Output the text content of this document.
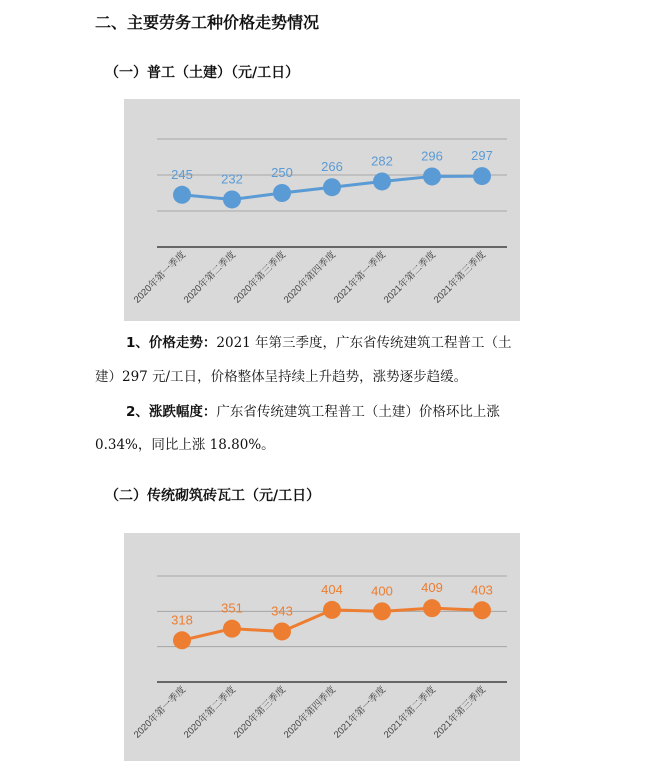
二、主要劳务工种价格走势情况
（一）普工（土建）（元/工日）
245 232 250 266 282 296 297
2020年第一季度
2020年第二季度
2020年第三季度
2020年第四季度
2021年第一季度
2021年第二季度
2021年第三季度
1、价格走势：2021 年第三季度，广东省传统建筑工程普工（土
建）297 元/工日，价格整体呈持续上升趋势，涨势逐步趋缓。
2、涨跌幅度：广东省传统建筑工程普工（土建）价格环比上涨
0.34%，同比上涨 18.80%。
（二）传统砌筑砖瓦工（元/工日）
318
351 343
404 400 409 403
2020年第一季度
2020年第二季度
2020年第三季度
2020年第四季度
2021年第一季度
2021年第二季度
2021年第三季度
